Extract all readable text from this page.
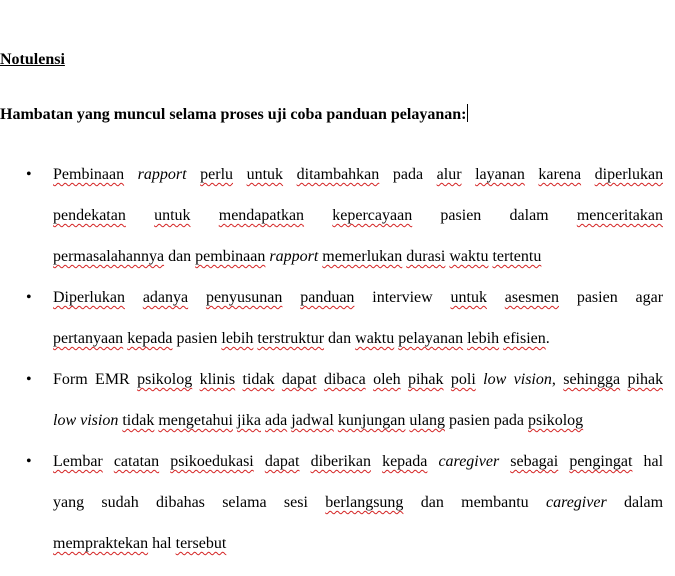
Notulensi
Hambatan yang muncul selama proses uji coba panduan pelayanan:
• Pembinaan rapport perlu untuk ditambahkan pada alur layanan karena diperlukan
pendekatan untuk mendapatkan kepercayaan pasien dalam menceritakan
permasalahannya dan pembinaan rapport memerlukan durasi waktu tertentu
• Diperlukan adanya penyusunan panduan interview untuk asesmen pasien agar
pertanyaan kepada pasien lebih terstruktur dan waktu pelayanan lebih efisien.
• Form EMR psikolog klinis tidak dapat dibaca oleh pihak poli low vision, sehingga pihak
low vision tidak mengetahui jika ada jadwal kunjungan ulang pasien pada psikolog
• Lembar catatan psikoedukasi dapat diberikan kepada caregiver sebagai pengingat hal
yang sudah dibahas selama sesi berlangsung dan membantu caregiver dalam
mempraktekan hal tersebut
